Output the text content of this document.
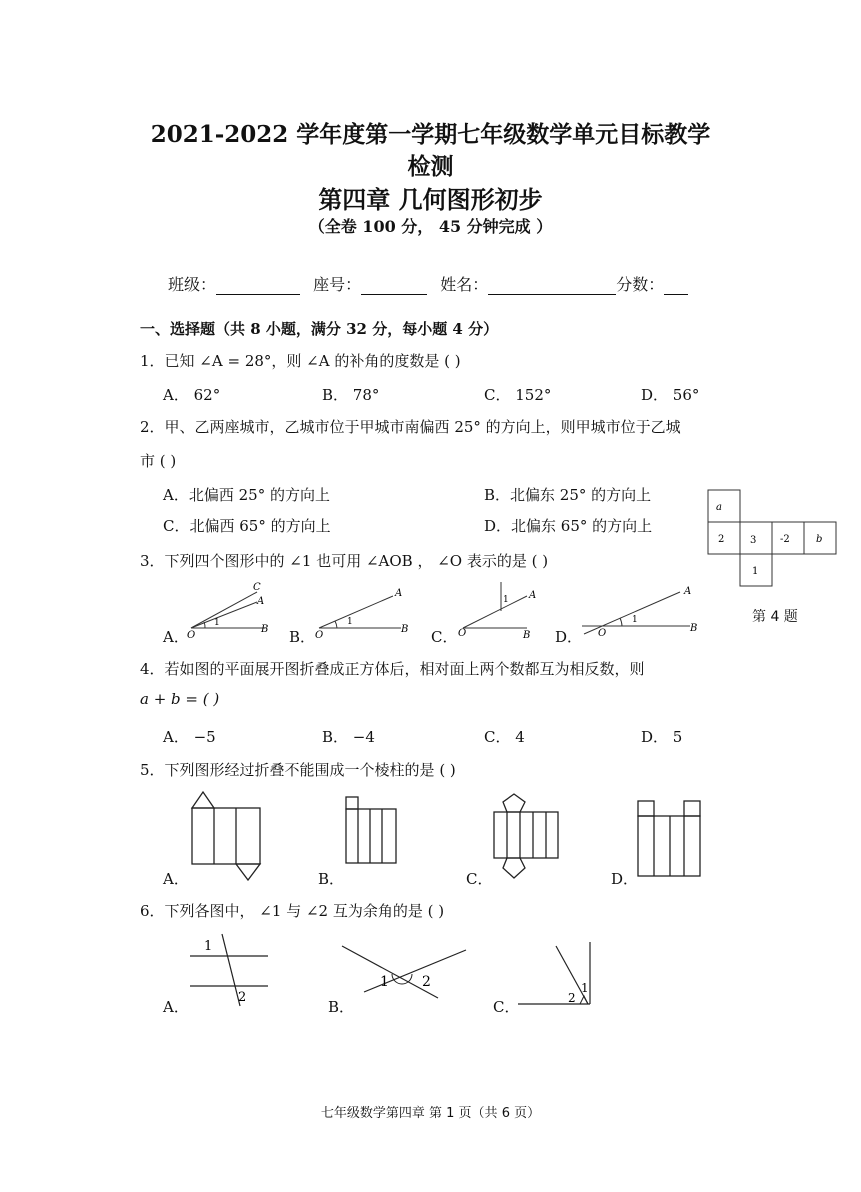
2021-2022 学年度第一学期七年级数学单元目标教学
检测
第四章 几何图形初步
（全卷 100 分， 45 分钟完成 ）
班级：	座号：	姓名：	分数：
一、选择题（共 8 小题，满分 32 分，每小题 4 分）
1．已知 ∠A = 28°，则 ∠A 的补角的度数是 ( )
A． 62°	B． 78°	C． 152°	D． 56°
2．甲、乙两座城市，乙城市位于甲城市南偏西 25° 的方向上，则甲城市位于乙城
市 ( )
A．北偏西 25° 的方向上	B．北偏东 25° 的方向上
C．北偏西 65° 的方向上	D．北偏东 65° 的方向上
a
2	3 -2	b
1
第 4 题
3．下列四个图形中的 ∠1 也可用 ∠AOB ， ∠O 表示的是 ( )
A．	B．	C．	D．
C
A
B
O
1
A
B
O
1
A
B
O
1
A
B
O
1
4．若如图的平面展开图折叠成正方体后，相对面上两个数都互为相反数，则
a + b = ( )
A． −5	B． −4	C． 4	D． 5
5．下列图形经过折叠不能围成一个棱柱的是 ( )
A．	B．	C．	D．
6．下列各图中， ∠1 与 ∠2 互为余角的是 ( )
A．	B．	C．
1
2
1 2
2
1
七年级数学第四章 第 1 页（共 6 页）
